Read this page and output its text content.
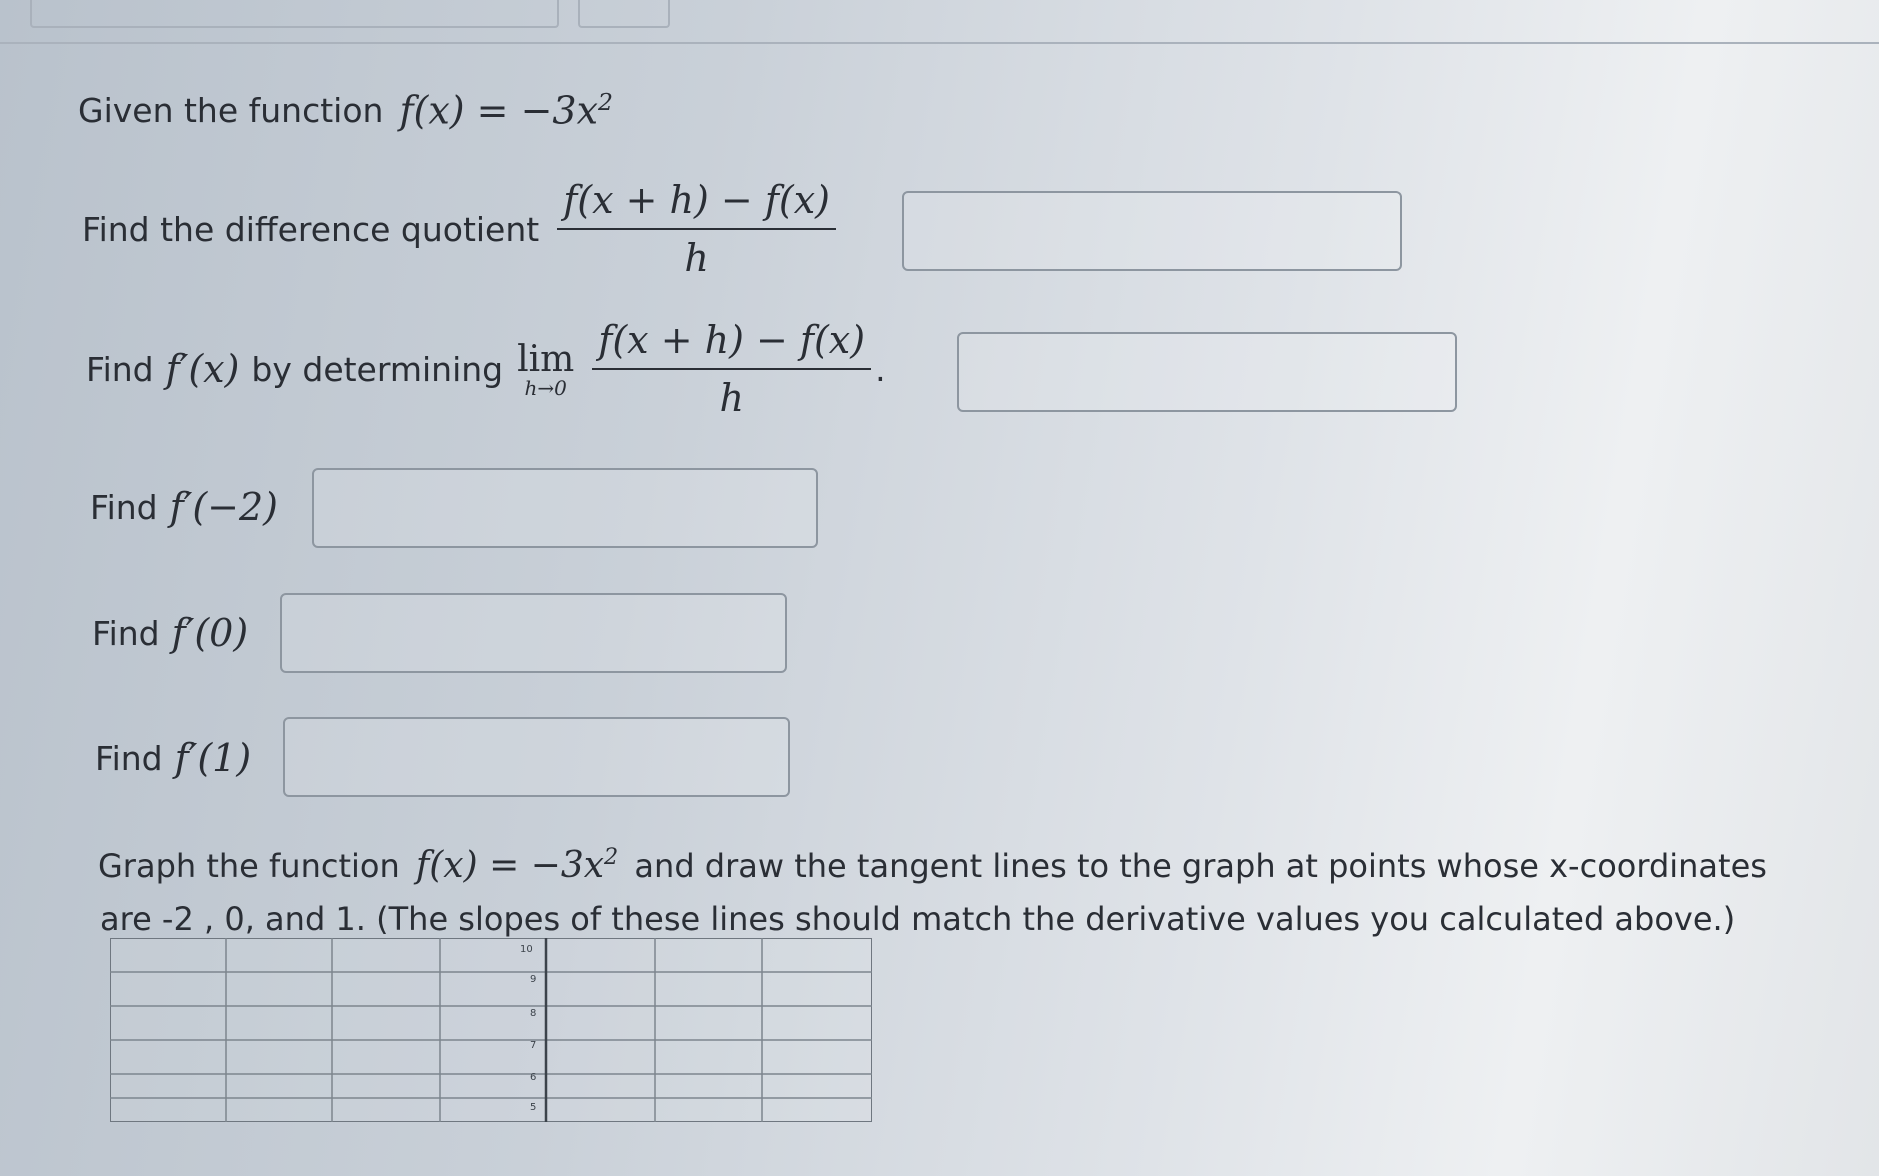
Given the function $f(x) = -3x^2$
Find the difference quotient $\frac{f(x + h) - f(x)}{h}$
Find f′(x) by determining lim
$h\to 0 \frac{f(x + h) - f(x)}{h}$ .
Find f′(−2)
Find f′(0)
Find f′(1)
Graph the function $f(x) = -3x^2$ and draw the tangent lines to the graph at points whose x-coordinates
are -2 , 0, and 1. (The slopes of these lines should match the derivative values you calculated above.)
10
9
8
7
6
5
